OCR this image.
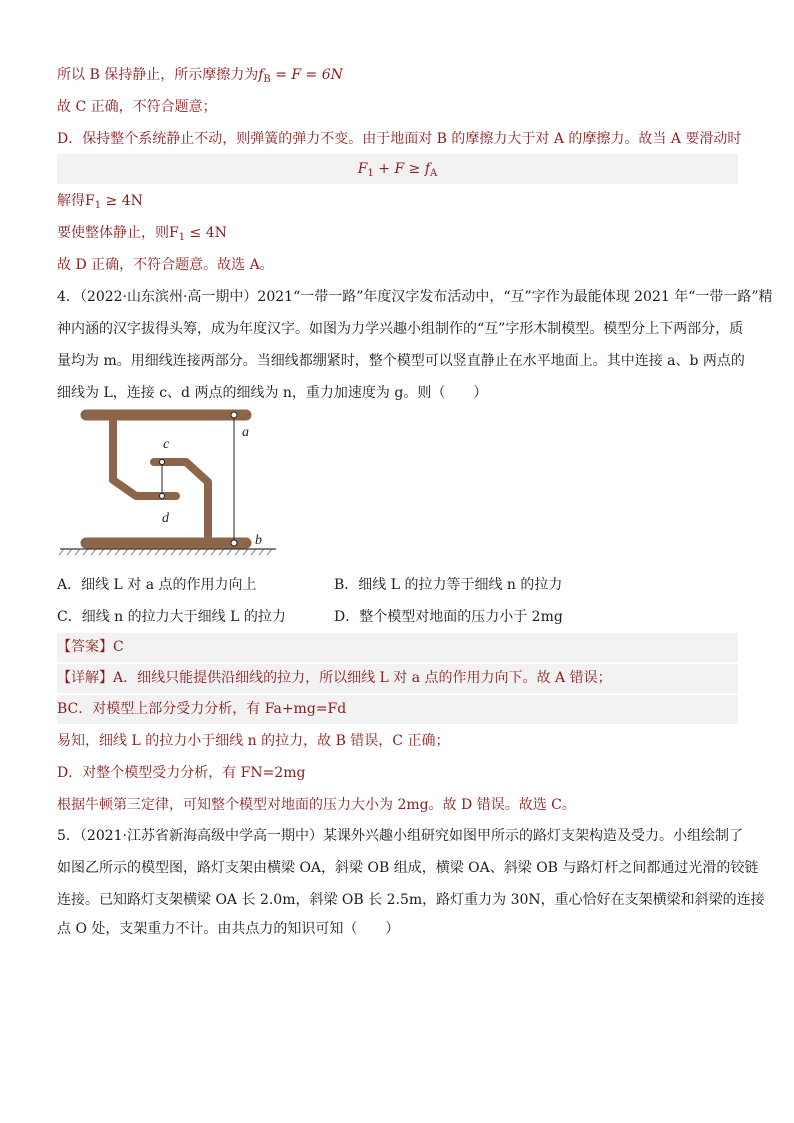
所以 B 保持静止，所示摩擦力为$f_B = F = 6N$
故 C 正确，不符合题意；
D．保持整个系统静止不动，则弹簧的弹力不变。由于地面对 B 的摩擦力大于对 A 的摩擦力。故当 A 要滑动时
$F_1 + F \ge f_A$
解得$F_1 \ge 4N$
要使整体静止，则$F_1 \le 4N$
故 D 正确，不符合题意。故选 A。
4．（2022·山东滨州·高一期中）2021“一带一路”年度汉字发布活动中，“互”字作为最能体现 2021 年“一带一路”精
神内涵的汉字拔得头筹，成为年度汉字。如图为力学兴趣小组制作的“互”字形木制模型。模型分上下两部分，质
量均为 m。用细线连接两部分。当细线都绷紧时，整个模型可以竖直静止在水平地面上。其中连接 a、b 两点的
细线为 L，连接 c、d 两点的细线为 n，重力加速度为 g。则（　　）
a
b
c
d
A．细线 L 对 a 点的作用力向上	B．细线 L 的拉力等于细线 n 的拉力
C．细线 n 的拉力大于细线 L 的拉力	D．整个模型对地面的压力小于 2mg
【答案】C
【详解】A．细线只能提供沿细线的拉力，所以细线 L 对 a 点的作用力向下。故 A 错误；
BC．对模型上部分受力分析，有 Fa+mg=Fd
易知，细线 L 的拉力小于细线 n 的拉力，故 B 错误，C 正确；
D．对整个模型受力分析，有 FN=2mg
根据牛顿第三定律，可知整个模型对地面的压力大小为 2mg。故 D 错误。故选 C。
5．（2021·江苏省新海高级中学高一期中）某课外兴趣小组研究如图甲所示的路灯支架构造及受力。小组绘制了
如图乙所示的模型图，路灯支架由横梁 OA，斜梁 OB 组成，横梁 OA、斜梁 OB 与路灯杆之间都通过光滑的铰链
连接。已知路灯支架横梁 OA 长 2.0m，斜梁 OB 长 2.5m，路灯重力为 30N，重心恰好在支架横梁和斜梁的连接
点 O 处，支架重力不计。由共点力的知识可知（　　）
